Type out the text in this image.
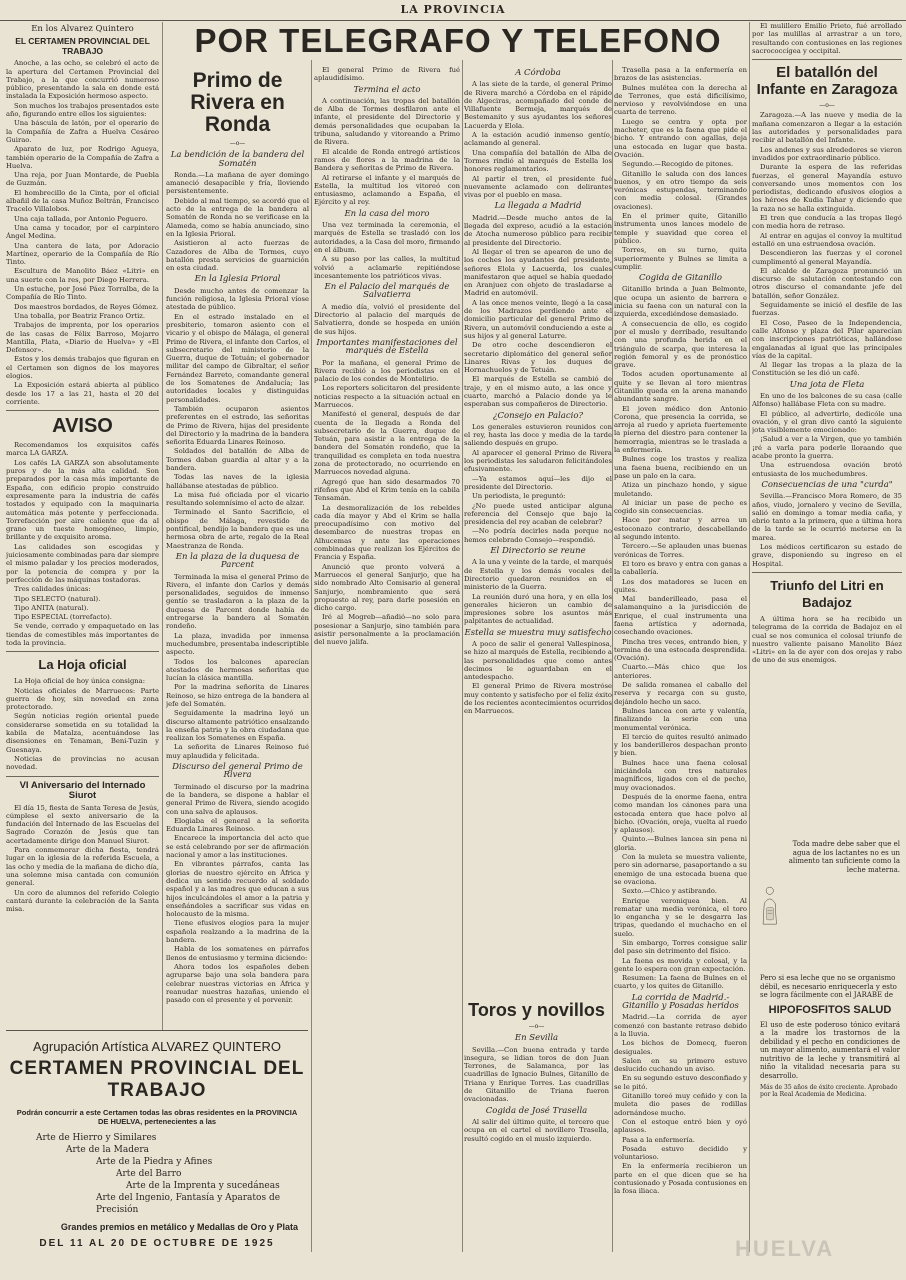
LA PROVINCIA
En los Alvarez Quintero
EL CERTAMEN PROVINCIAL DEL TRABAJO

Anoche, a las ocho, se celebró el acto de la apertura del Certamen Provincial del Trabajo, a la que concurrió numeroso público, presentando la sala en donde está instalada la Exposición hermoso aspecto.

Son muchos los trabajos presentados este año, figurando entre ellos los siguientes:

Una báscula de latón, por el operario de la Compañía de Zafra a Huelva Cesáreo Guirao.

Aparato de luz, por Rodrigo Agueya, también operario de la Compañía de Zafra a Huelva.

Una reja, por Juan Montarde, de Puebla de Guzmán.

El hombrecillo de la Cinta, por el oficial albañil de la casa Muñoz Beltrán, Francisco Tracelo Villalobos.

Una caja tallada, por Antonio Peguero.

Una cama y tocador, por el carpintero Ángel Medina.

Una cantera de lata, por Adoracio Martínez, operario de la Compañía de Río Tinto.

Escultura de Manolito Báez «Litri» en una suerte con la res, por Diego Herrera.

Un estuche, por José Páez Torralba, de la Compañía de Río Tinto.

Dos maestros bordados, de Reyes Gómez.

Una toballa, por Beatriz Franco Ortiz.

Trabajos de imprenta, por los operarios de las casas de Félix Barroso, Mojarro Mantilla, Plata, «Diario de Huelva» y «El Defensor».

Estos y los demás trabajos que figuran en el Certamen son dignos de los mayores elogios.

La Exposición estará abierta al público desde los 17 a las 21, hasta el 20 del corriente.

AVISO

Recomendamos los exquisitos cafés marca LA GARZA.

Los cafés LA GARZA son absolutamente puros y de la más alta calidad. Son preparados por la casa más importante de España, con edificio propio construido expresamente para la industria de cafés tostados y equipado con la maquinaria automática más potente y perfeccionada. Torrefacción por aire caliente que da al grano un tueste homogéneo, limpio, brillante y de exquisito aroma.

Las calidades son escogidas y juiciosamente combinadas para dar siempre el mismo paladar y los precios moderados, por la potencia de compra y por la perfección de las máquinas tostadoras.

Tres calidades únicas:

Tipo SELECTO (natural).

Tipo ANITA (natural).

Tipo ESPECIAL (torrefacto).

Se vende, cerrado y empaquetado en las tiendas de comestibles más importantes de toda la provincia.

La Hoja oficial

La Hoja oficial de hoy única consigna:

Noticias oficiales de Marruecos: Parte guerra de hoy, sin novedad en zona protectorado.

Según noticias región oriental puede considerarse sometida en su totalidad la kabila de Matalza, acentuándose las disensiones en Tenaman, Beni-Tuzin y Guesnaya.

Noticias de provincias no acusan novedad.

VI Aniversario del Internado Siurot

El día 15, fiesta de Santa Teresa de Jesús, cúmplese el sexto aniversario de la fundación del Internado de las Escuelas del Sagrado Corazón de Jesús que tan acertadamente dirige don Manuel Siurot.

Para conmemorar dicha fiesta, tendrá lugar en la iglesia de la referida Escuela, a las ocho y media de la mañana de dicho día, una solemne misa cantada con comunión general.

Un coro de alumnos del referido Colegio cantará durante la celebración de la Santa misa.

Agrupación Artística ALVAREZ QUINTERO
CERTAMEN PROVINCIAL DEL TRABAJO
Podrán concurrir a este Certamen todas las obras residentes en la PROVINCIA DE HUELVA, pertenecientes a las
Arte de Hierro y Similares
Arte de la Madera
Arte de la Piedra y Afines
Arte del Barro
Arte de la Imprenta y sucedáneas
Arte del Ingenio, Fantasía y Aparatos de Precisión
Grandes premios en metálico y Medallas de Oro y Plata
DEL 11 AL 20 DE OCTUBRE DE 1925
POR TELEGRAFO Y TELEFONO
Primo de Rivera en Ronda
—o—
La bendición de la bandera del Somatén

Ronda.—La mañana de ayer domingo amaneció desapacible y fría, lloviendo persistentemente.

Debido al mal tiempo, se acordó que el acto de la entrega de la bandera al Somatén de Ronda no se verificase en la Alameda, como se había anunciado, sino en la Iglesia Prioral.

Asistieron al acto fuerzas de Cazadores de Alba de Tormes, cuyo batallón presta servicios de guarnición en esta ciudad.

En la Iglesia Prioral

Desde mucho antes de comenzar la función religiosa, la Iglesia Prioral víose atestada de público.

En el estrado instalado en el presbiterio, tomaron asiento con el vicario y el obispo de Málaga, el general Primo de Rivera, el infante don Carlos, el subsecretario del ministerio de la Guerra, duque de Tetuán; el gobernador militar del campo de Gibraltar, el señor Fernández Barreto, comandante general de los Somatenes de Andalucía; las autoridades locales y distinguidas personalidades.

También ocuparon asientos preferentes en el estrado, las señoritas de Primo de Rivera, hijas del presidente del Directorio y la madrina de la bandera señorita Eduarda Linares Reinoso.

Soldados del batallón de Alba de Tormes daban guardia al altar y a la bandera.

Todas las naves de la iglesia hallábanse atestadas de público.

La misa fué oficiada por el vicario resultando solemnísimo el acto de alzar.

Terminado el Santo Sacrificio, el obispo de Málaga, revestido de pontifical, bendijo la bandera que es una hermosa obra de arte, regalo de la Real Maestranza de Ronda.

En la plaza de la duquesa de Parcent

Terminada la misa el general Primo de Rivera, el infante don Carlos y demás personalidades, seguidos de inmenso gentío se trasladaron a la plaza de la duquesa de Parcent donde había de entregarse la bandera al Somatén rondeño.

La plaza, invadida por inmensa muchedumbre, presentaba indescriptible aspecto.

Todos los balcones aparecían atestados de hermosas señoritas que lucían la clásica mantilla.

Por la madrina señorita de Linares Reinoso, se hizo entrega de la bandera al jefe del Somatén.

Seguidamente la madrina leyó un discurso altamente patriótico ensalzando la enseña patria y la obra ciudadana que realizan los Somatenes en España.

La señorita de Linares Reinoso fué muy aplaudida y felicitada.

Discurso del general Primo de Rivera

Terminado el discurso por la madrina de la bandera, se dispone a hablar el general Primo de Rivera, siendo acogido con una salva de aplausos.

Elogiaba el general a la señorita Eduarda Linares Reinoso.

Encarece la importancia del acto que se está celebrando por ser de afirmación nacional y amor a las instituciones.

En vibrantes párrafos, canta las glorias de nuestro ejército en África y dedica un sentido recuerdo al soldado español y a las madres que educan a sus hijos inculcándoles el amor a la patria y enseñándoles a sacrificar sus vidas en holocausto de la misma.

Tiene efusivos elogios para la mujer española realzando a la madrina de la bandera.

Habla de los somatenes en párrafos llenos de entusiasmo y termina diciendo:

Ahora todos los españoles deben agruparse bajo una sola bandera para celebrar nuestras victorias en África y reanudar nuestras hazañas, uniendo el pasado con el presente y el porvenir.

El general Primo de Rivera fué aplaudidísimo.

Termina el acto

A continuación, las tropas del batallón de Alba de Tormes desfilaron ante el infante, el presidente del Directorio y demás personalidades que ocupaban la tribuna, saludando y vitoreando a Primo de Rivera.

El alcalde de Ronda entregó artísticos ramos de flores a la madrina de la Bandera y señoritas de Primo de Rivera.

Al retirarse el infante y el marqués de Estella, la multitud los vitoreó con entusiasmo, aclamando a España, el Ejército y al rey.

En la casa del moro

Una vez terminada la ceremonia, el marqués de Estella se trasladó con los autoridades, a la Casa del moro, firmando en el álbum.

A su paso por las calles, la multitud volvió a aclamarle repitiéndose incesantemente los patrióticos vivas.

En el Palacio del marqués de Salvatierra

A medio día, volvió el presidente del Directorio al palacio del marqués de Salvatierra, donde se hospeda en unión de sus hijos.

Importantes manifestaciones del marqués de Estella

Por la mañana, el general Primo de Rivera recibió a los periodistas en el palacio de los condes de Montelirio.

Los reporters solicitaron del presidente noticias respecto a la situación actual en Marruecos.

Manifestó el general, después de dar cuenta de la llegada a Ronda del subsecretario de la Guerra, duque de Tetuán, para asistir a la entrega de la bandera del Somatén rondeño, que la tranquilidad es completa en toda nuestra zona de protectorado, no ocurriendo en Marruecos novedad alguna.

Agregó que han sido desarmados 70 rifeños que Abd el Krim tenía en la cabila Tensamán.

La desmoralización de los rebeldes cada día mayor y Abd el Krim se halla preocupadísimo con motivo del desembarco de nuestras tropas en Alhucemas y ante las operaciones combinadas que realizan los Ejércitos de Francia y España.

Anunció que pronto volverá a Marruecos el general Sanjurjo, que ha sido nombrado Alto Comisario al general Sanjurjo, nombramiento que será propuesto al rey, para darle posesión en dicho cargo.

Iré al Mogreb—añadió—no solo para posesionar a Sanjurjo, sino también para asistir personalmente a la proclamación del nuevo jalifa.

A Córdoba

A las siete de la tarde, el general Primo de Rivera marchó a Córdoba en el rápido de Algeciras, acompañado del conde de Villafuente Bermeja, marqués de Bestemanito y sus ayudantes los señores Lacuerda y Elola.

A la estación acudió inmenso gentío, aclamando al general.

Una compañía del batallón de Alba de Tormes rindió al marqués de Estella los honores reglamentarios.

Al partir el tren, el presidente fué nuevamente aclamado con delirantes vivas por el pueblo en masa.

La llegada a Madrid

Madrid.—Desde mucho antes de la llegada del expreso, acudió a la estación de Atocha numeroso público para recibir al presidente del Directorio.

Al llegar el tren se apearon de uno de los coches los ayudantes del presidente, señores Elola y Lacuerda, los cuales manifestaron que aquel se había quedado en Aranjuez con objeto de trasladarse a Madrid en automóvil.

A las once menos veinte, llegó a la casa de los Madrazos perdiendo ante el domicilio particular del general Primo de Rivera, un automóvil conduciendo a este a sus hijos y al general Laturre.

De otro coche descendieron el secretario diplomático del general señor Linares Rivas y los duques de Hornachuelos y de Tetuán.

El marqués de Estella se cambió de traje, y en el mismo auto, a las once y cuarto, marchó a Palacio donde ya le esperaban sus compañeros de Directorio.

¿Consejo en Palacio?

Los generales estuvieron reunidos con el rey, hasta las doce y media de la tarde saliendo después en grupo.

Al aparecer el general Primo de Rivera los periodistas les saludaron felicitándoles efusivamente.

—Ya estamos aquí—les dijo el presidente del Directorio.

Un periodista, le preguntó:

¿No puede usted anticipar alguna referencia del Consejo que bajo la presidencia del rey acaban de celebrar?

—No podría decirles nada porque no hemos celebrado Consejo—respondió.

El Directorio se reune

A la una y veinte de la tarde, el marqués de Estella y los demás vocales del Directorio quedaron reunidos en el ministerio de la Guerra.

La reunión duró una hora, y en ella los generales hicieron un cambio de impresiones sobre los asuntos más palpitantes de actualidad.

Estella se muestra muy satisfecho

A poco de salir el general Vallespinosa, se hizo al marqués de Estella, recibiendo a las personalidades que como antes decimos le aguardaban en el antedespacho.

El general Primo de Rivera mostróse muy contento y satisfecho por el feliz éxito de los recientes acontecimientos ocurridos en Marruecos.

Toros y novillos
—o—
En Sevilla

Sevilla.—Con buena entrada y tarde insegura, se lidian toros de don Juan Terrones, de Salamanca, por las cuadrillas de Ignacio Bulnes, Gitanillo de Triana y Enrique Torres. Las cuadrillas de Gitanillo de Triana fueron ovacionadas.

Cogida de José Trasella

Al salir del último quite, el tercero que ocupa en el cartel el novillero Trasella, resultó cogido en el muslo izquierdo.

Trasella pasa a la enfermería en brazos de las asistencias.

Bulnes mulétea con la derecha al de Terrones, que está dificilísimo, nervioso y revolviéndose en una cuarta de terreno.

Luego se centra y opta por macheter, que es la faena que pide el bicho. Y entrando con agallas, deja una estocada en lugar que basta. Ovación.

Segundo.—Recogido de pitones.

Gitanillo le saluda con dos lances buenos, y en otro tiempo da seis verónicas estupendas, terminando con media colosal. (Grandes ovaciones).

En el primer quite, Gitanillo instrumenta unos lances modelo de temple y suavidad que corea el público.

Torres, en su turno, quita superiormente y Bulnes se limita a cumplir.

Cogida de Gitanillo

Gitanillo brinda a Juan Belmonte, que ocupa un asiento de barrera e inicia su faena con un natural con la izquierda, excediéndose demasiado.

A consecuencia de ello, es cogido por el muslo y derribado, resultando con una profunda herida en el triángulo de scarpa, que interesa la región femoral y es de pronóstico grave.

Todos acuden oportunamente al quite y se llevan al toro mientras Gitanillo queda en la arena manando abundante sangre.

El joven médico don Antonio Corona, que presencia la corrida, se arroja al ruedo y aprieta fuertemente la pierna del diestro para contener la hemorragia, mientras se le traslada a la enfermería.

Bulnes coge los trastos y realiza una faena buena, recibiendo en un pase un palo en la cara.

Atiza un pinchazo hondo, y sigue muletando.

Al iniciar un pase de pecho es cogido sin consecuencias.

Hace por matar y arrea un estoconazo contrario, descabellando al segundo intento.

Tercero.—Se aplauden unas buenas verónicas de Torres.

El toro es bravo y entra con ganas a la caballería.

Los dos matadores se lucen en quites.

Mal banderilleado, pasa el salamanquino a la jurisdicción de Enrique, el cual instrumenta una faena artística y adornada, cosechando ovaciones.

Pincha tres veces, entrando bien, y termina de una estocada desprendida. (Ovación).

Cuarto.—Más chico que los anteriores.

De salida romanea el caballo del reserva y recarga con su gusto, dejándolo hecho un saco.

Bulnes lancea con arte y valentía, finalizando la serie con una monumental verónica.

El tercio de quites resultó animado y los banderilleros despachan pronto y bien.

Bulnes hace una faena colosal iniciándola con tres naturales magníficos, ligados con el de pecho, muy ovacionados.

Después de la enorme faena, entra como mandan los cánones para una estocada entera que hace polvo al bicho. (Ovación, oreja, vuelta al ruedo y aplausos).

Quinto.—Bulnes lancea sin pena ni gloria.

Con la muleta se muestra valiente, pero sin adornarse, pasaportando a su enemigo de una estocada buena que se ovaciona.

Sexto.—Chico y astibrando.

Enrique veroniquea bien. Al rematar una media verónica, el toro lo engancha y se le desgarra las tripas, quedando el muchacho en el suelo.

Sin embargo, Torres consigue salir del paso sin detrimento del físico.

La faena es movida y colosal, y la gente lo espera con gran expectación.

Resumen: La faena de Bulnes en el cuarto, y los quites de Gitanillo.

La corrida de Madrid.-Gitanillo y Posadas heridos

Madrid.—La corrida de ayer comenzó con bastante retraso debido a la lluvia.

Los bichos de Domecq, fueron desiguales.

Salen en su primero estuvo deslucido cuchando un aviso.

En su segundo estuvo desconfiado y se le pitó.

Gitanillo toreó muy ceñido y con la muleta dio pases de rodillas adornándose mucho.

Con el estoque entró bien y oyó aplausos.

Pasa a la enfermería.

Posada estuvo decidido y voluntarioso.

En la enfermería recibieron un parte en el que dicen que se ha contusionado y Posada contusiones en la fosa iliaca.

El mulillero Emilio Prieto, fué arrollado por las mulillas al arrastrar a un toro, resultando con contusiones en las regiones sacrococcígea y occipital.

El batallón del Infante en Zaragoza
—o—

Zaragoza.—A las nueve y media de la mañana comenzaron a llegar a la estación las autoridades y personalidades para recibir al batallón del Infante.

Los andenes y sus alrededores se vieron invadidos por extraordinario público.

Durante la espera de las referidas fuerzas, el general Mayandía estuvo conversando unos momentos con los periodistas, dedicando efusivos elogios a los héroes de Kudia Tahar y diciendo que la raza no se halla extinguida.

El tren que conducía a las tropas llegó con media hora de retraso.

Al entrar en agujas el convoy la multitud estalló en una estruendosa ovación.

Descendieron las fuerzas y el coronel cumplimentó al general Mayandía.

El alcalde de Zaragoza pronunció un discurso de salutación contestando con otros discurso el comandante jefe del batallón, señor González.

Seguidamente se inició el desfile de las fuerzas.

El Coso, Paseo de la Independencia, calle Alfonso y plaza del Pilar aparecían con inscripciones patrióticas, hallándose engalanadas al igual que las principales vías de la capital.

Al llegar las tropas a la plaza de la Constitución se les dió un café.

Una jota de Fleta

En uno de los balcones de su casa (calle Alfonso) hallábase Fleta con su madre.

El público, al advertirlo, dedicóle una ovación, y el gran divo cantó la siguiente jota visiblemente emocionado:

¡Salud a ver a la Virgen, que yo también ¡ré a varla para poderle lloraando que acabe pronto la guerra.

Una estruendosa ovación brotó entusiasta de los muchedumbres.

Consecuencias de una "curda"

Sevilla.—Francisco Mora Romero, de 35 años, viudo, jornalero y vecino de Sevilla, salió en domingo a tomar media caña, y ebrio tanto a la primera, que a última hora de la tarde se le ocurrió meterse en la marea.

Los médicos certificaron su estado de grave, disponiendo su ingreso en el Hospital.

Triunfo del Litri en Badajoz

A última hora se ha recibido un telegrama de la corrida de Badajoz en el cual se nos comunica el colosal triunfo de nuestro valiente paisano Manolito Báez «Litri» en la de ayer con dos orejas y rabo de uno de sus enemigos.

Toda madre debe saber que el agua de los lactantes no es un alimento tan suficiente como la leche materna.
Pero si esa leche que no se organismo débil, es necesario enriquecerla y esto se logra fácilmente con el JARABE de
HIPOFOSFITOS SALUD
El uso de este poderoso tónico evitará a la madre los trastornos de la debilidad y el pecho en condiciones de un mayor alimento, aumentará el valor nutritivo de la leche y transmitirá al niño la vitalidad necesaria para su desarrollo.
Más de 35 años de éxito creciente. Aprobado por la Real Academia de Medicina.
HUELVA
